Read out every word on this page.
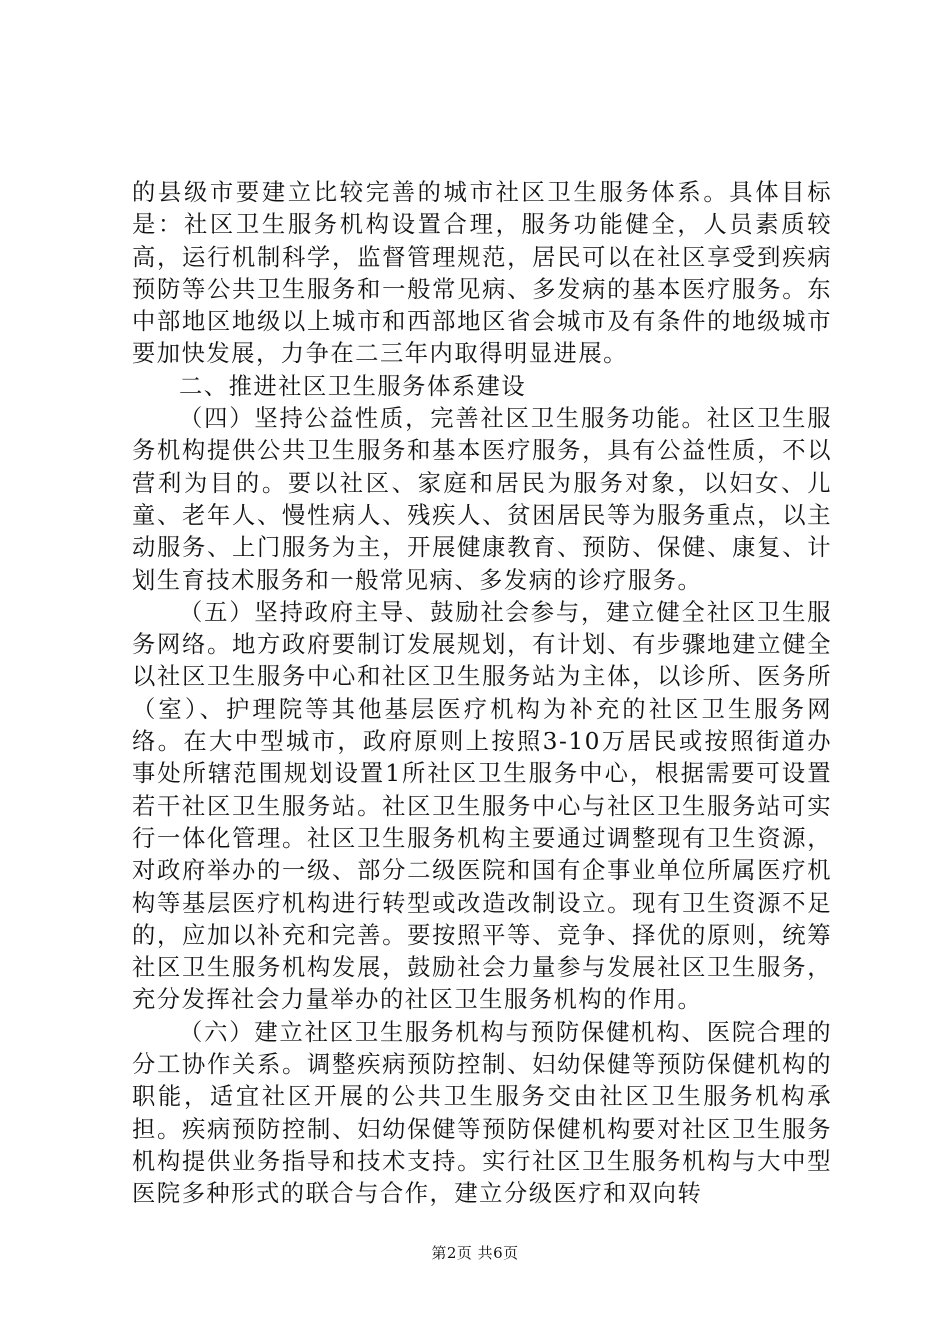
的县级市要建立比较完善的城市社区卫生服务体系。具体目标是：社区卫生服务机构设置合理，服务功能健全，人员素质较高，运行机制科学，监督管理规范，居民可以在社区享受到疾病预防等公共卫生服务和一般常见病、多发病的基本医疗服务。东中部地区地级以上城市和西部地区省会城市及有条件的地级城市要加快发展，力争在二三年内取得明显进展。

二、推进社区卫生服务体系建设

（四）坚持公益性质，完善社区卫生服务功能。社区卫生服务机构提供公共卫生服务和基本医疗服务，具有公益性质，不以营利为目的。要以社区、家庭和居民为服务对象，以妇女、儿童、老年人、慢性病人、残疾人、贫困居民等为服务重点，以主动服务、上门服务为主，开展健康教育、预防、保健、康复、计划生育技术服务和一般常见病、多发病的诊疗服务。

（五）坚持政府主导、鼓励社会参与，建立健全社区卫生服务网络。地方政府要制订发展规划，有计划、有步骤地建立健全以社区卫生服务中心和社区卫生服务站为主体，以诊所、医务所（室）、护理院等其他基层医疗机构为补充的社区卫生服务网络。在大中型城市，政府原则上按照3-10万居民或按照街道办事处所辖范围规划设置1所社区卫生服务中心，根据需要可设置若干社区卫生服务站。社区卫生服务中心与社区卫生服务站可实行一体化管理。社区卫生服务机构主要通过调整现有卫生资源，对政府举办的一级、部分二级医院和国有企事业单位所属医疗机构等基层医疗机构进行转型或改造改制设立。现有卫生资源不足的，应加以补充和完善。要按照平等、竞争、择优的原则，统筹社区卫生服务机构发展，鼓励社会力量参与发展社区卫生服务，充分发挥社会力量举办的社区卫生服务机构的作用。

（六）建立社区卫生服务机构与预防保健机构、医院合理的分工协作关系。调整疾病预防控制、妇幼保健等预防保健机构的职能，适宜社区开展的公共卫生服务交由社区卫生服务机构承担。疾病预防控制、妇幼保健等预防保健机构要对社区卫生服务机构提供业务指导和技术支持。实行社区卫生服务机构与大中型医院多种形式的联合与合作，建立分级医疗和双向转

第2页 共6页
